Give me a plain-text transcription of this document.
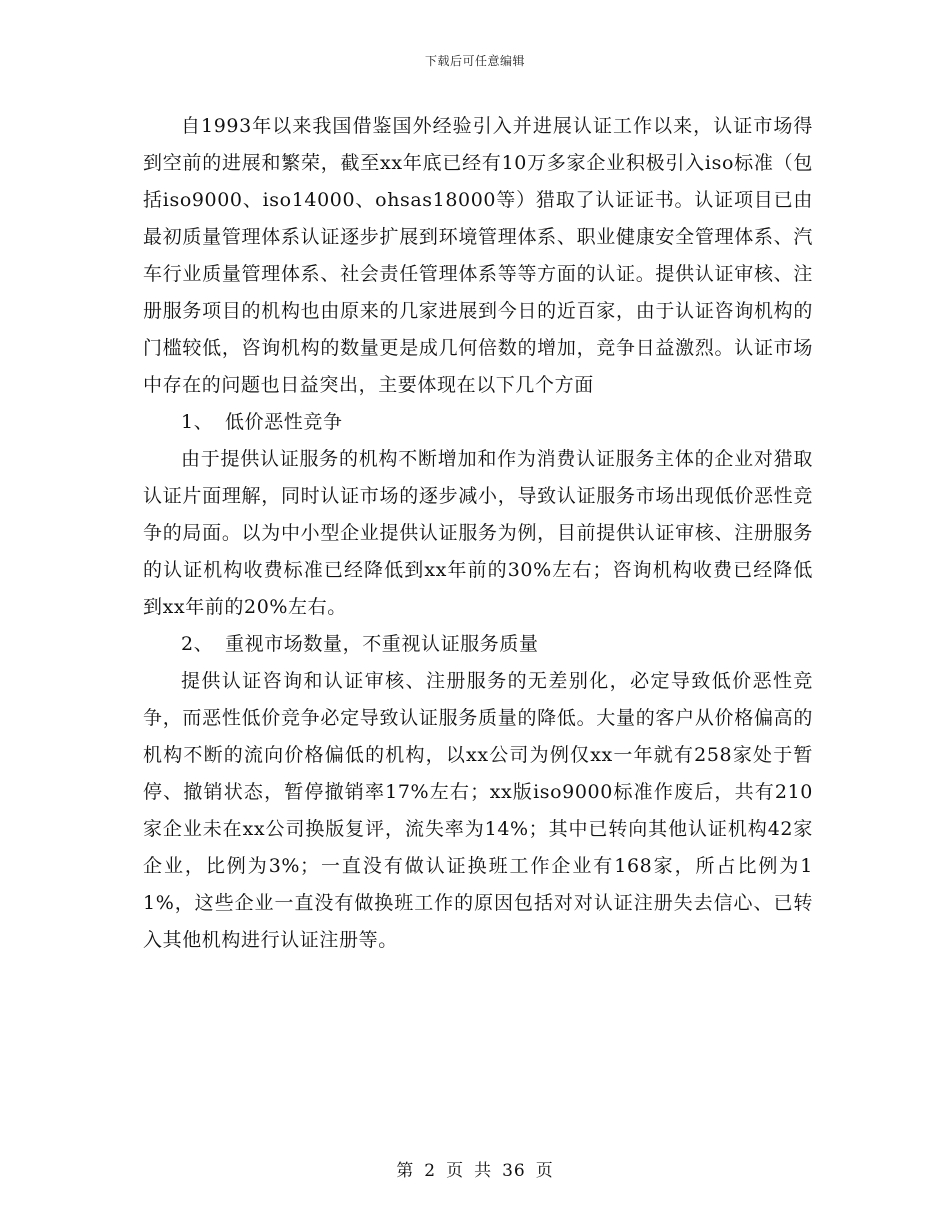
下载后可任意编辑

自1993年以来我国借鉴国外经验引入并进展认证工作以来，认证市场得到空前的进展和繁荣，截至xx年底已经有10万多家企业积极引入iso标准（包括iso9000、iso14000、ohsas18000等）猎取了认证证书。认证项目已由最初质量管理体系认证逐步扩展到环境管理体系、职业健康安全管理体系、汽车行业质量管理体系、社会责任管理体系等等方面的认证。提供认证审核、注册服务项目的机构也由原来的几家进展到今日的近百家，由于认证咨询机构的门槛较低，咨询机构的数量更是成几何倍数的增加，竞争日益激烈。认证市场中存在的问题也日益突出，主要体现在以下几个方面

1、 低价恶性竞争

由于提供认证服务的机构不断增加和作为消费认证服务主体的企业对猎取认证片面理解，同时认证市场的逐步减小，导致认证服务市场出现低价恶性竞争的局面。以为中小型企业提供认证服务为例，目前提供认证审核、注册服务的认证机构收费标准已经降低到xx年前的30%左右；咨询机构收费已经降低到xx年前的20%左右。

2、 重视市场数量，不重视认证服务质量

提供认证咨询和认证审核、注册服务的无差别化，必定导致低价恶性竞争，而恶性低价竞争必定导致认证服务质量的降低。大量的客户从价格偏高的机构不断的流向价格偏低的机构，以xx公司为例仅xx一年就有258家处于暂停、撤销状态，暂停撤销率17%左右；xx版iso9000标准作废后，共有210家企业未在xx公司换版复评，流失率为14%；其中已转向其他认证机构42家企业，比例为3%；一直没有做认证换班工作企业有168家，所占比例为11%，这些企业一直没有做换班工作的原因包括对对认证注册失去信心、已转入其他机构进行认证注册等。

第 2 页 共 36 页
